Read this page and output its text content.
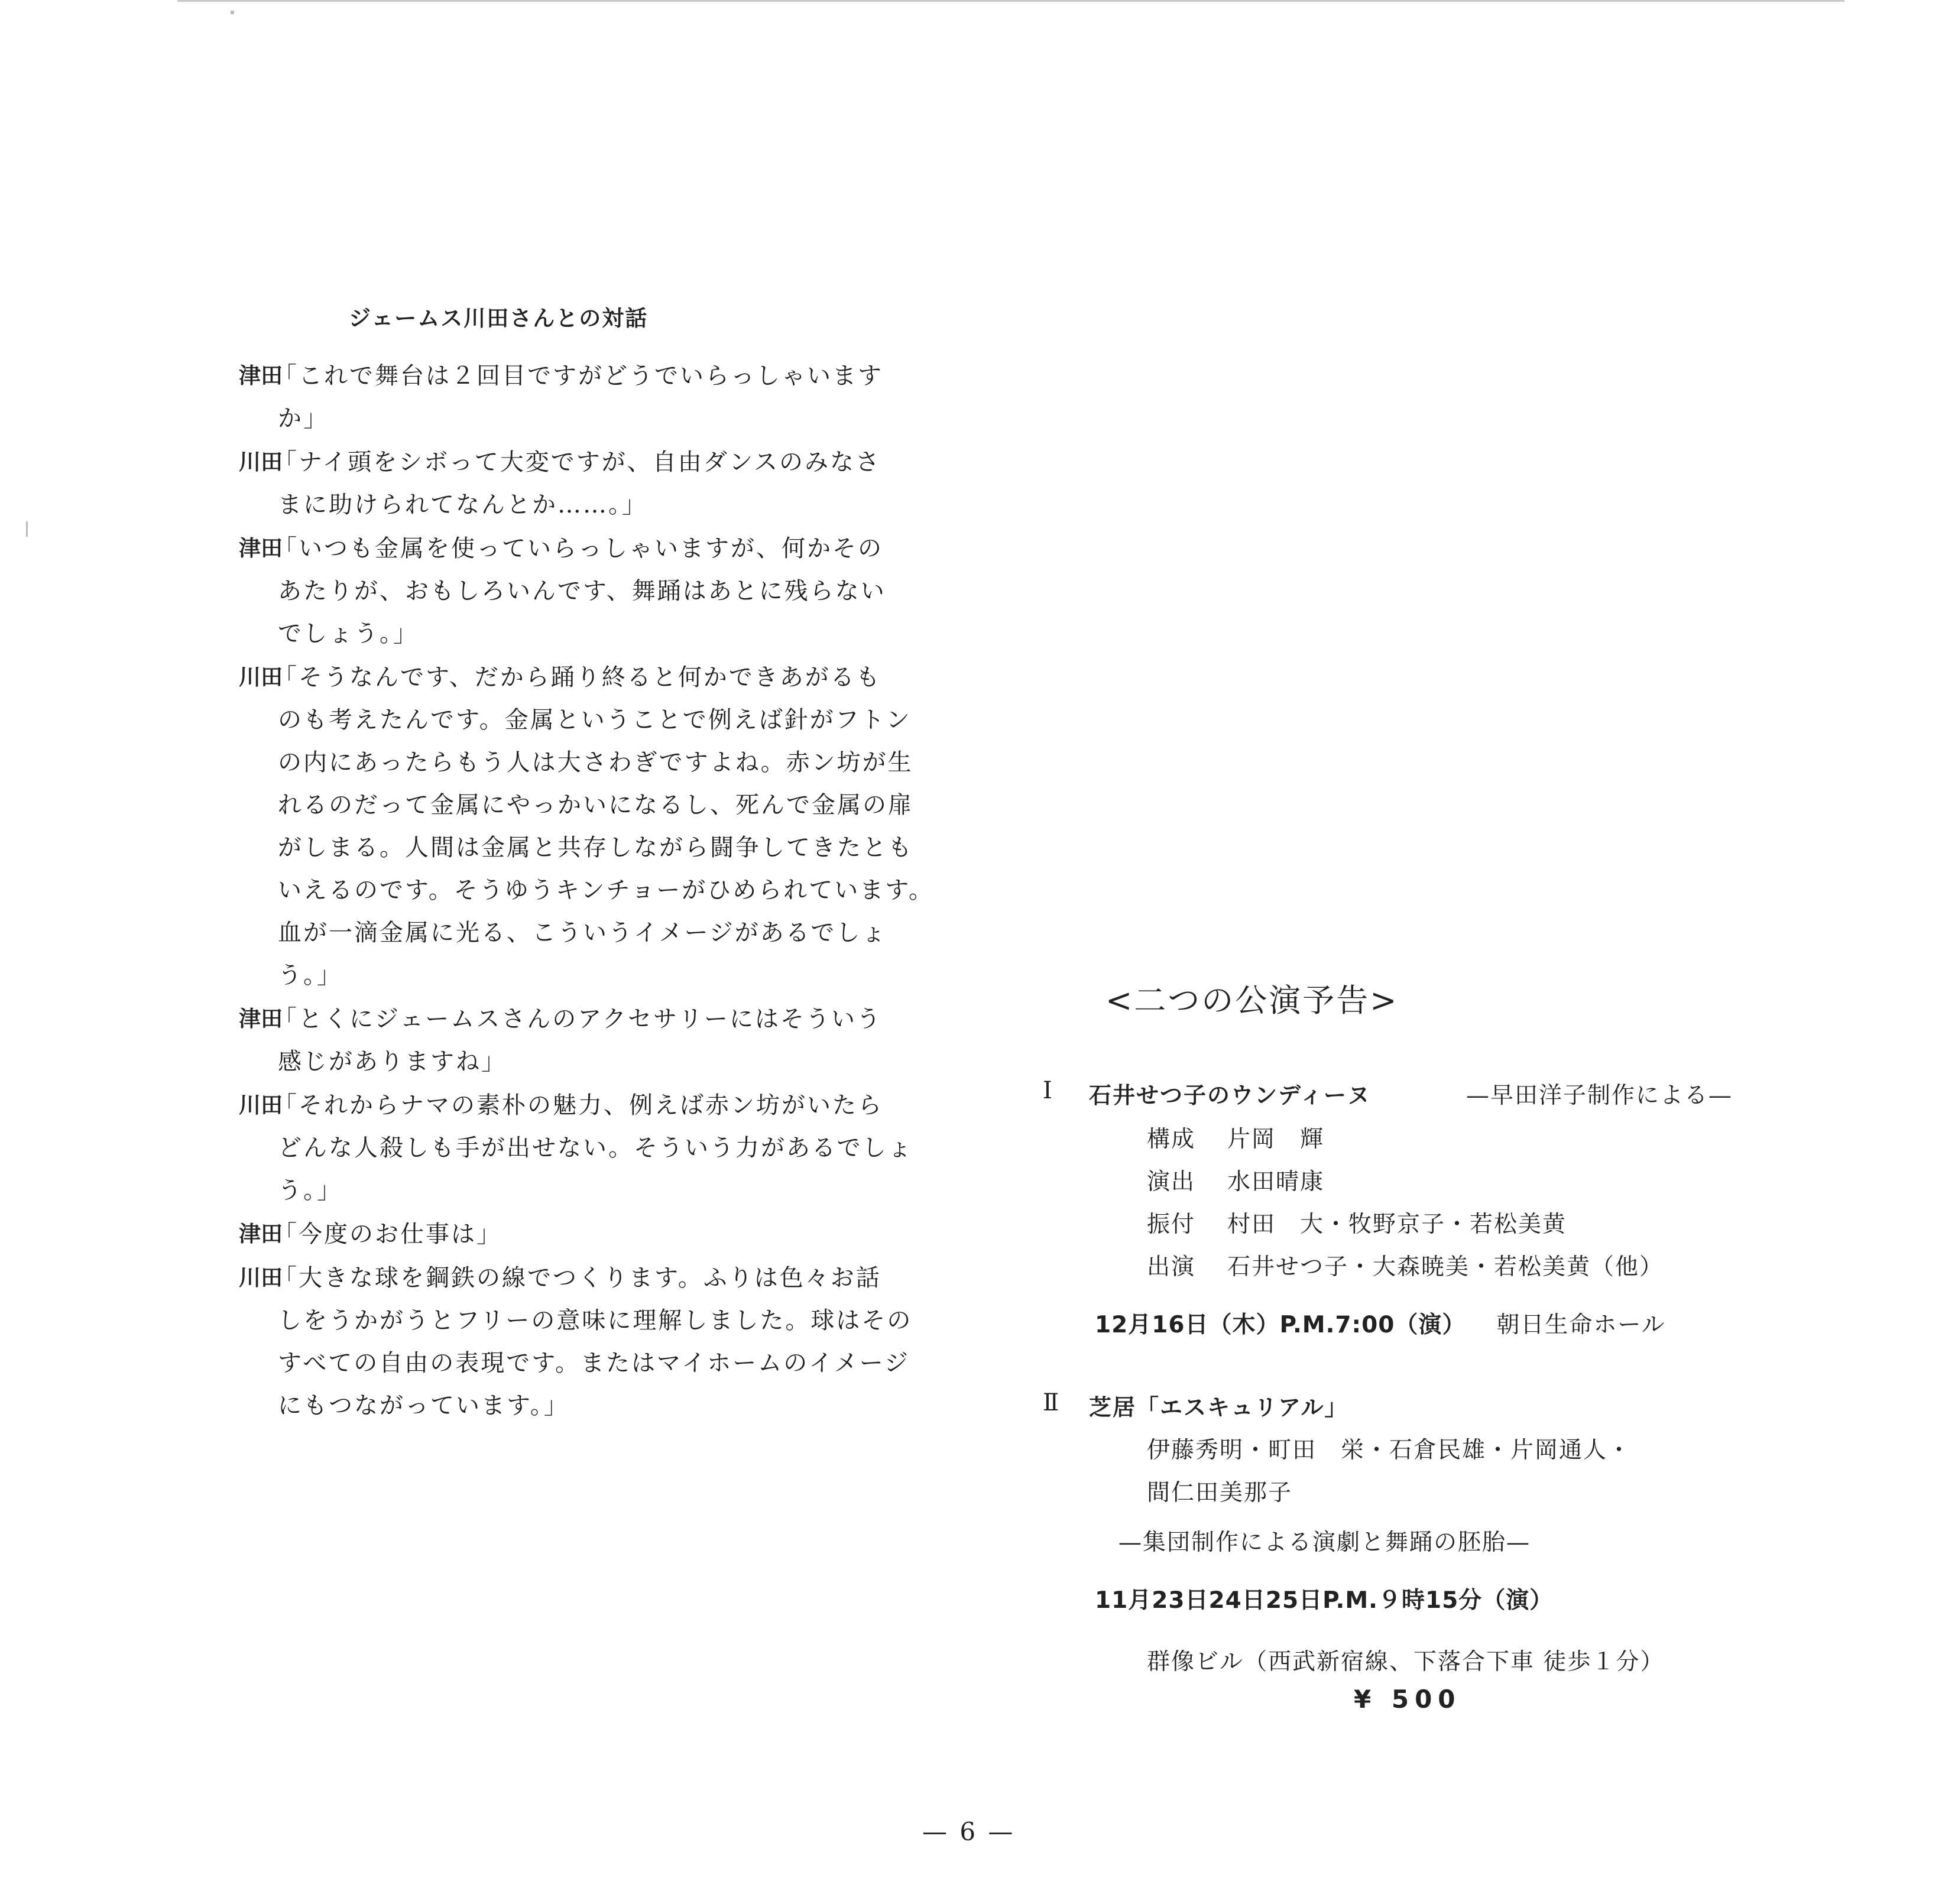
ジェームス川田さんとの対話
津田
「これで舞台は２回目ですがどうでいらっしゃいます
か」
川田
「ナイ頭をシボって大変ですが、自由ダンスのみなさ
まに助けられてなんとか……。」
津田
「いつも金属を使っていらっしゃいますが、何かその
あたりが、おもしろいんです、舞踊はあとに残らない
でしょう。」
川田
「そうなんです、だから踊り終ると何かできあがるも
のも考えたんです。金属ということで例えば針がフトン
の内にあったらもう人は大さわぎですよね。赤ン坊が生
れるのだって金属にやっかいになるし、死んで金属の扉
がしまる。人間は金属と共存しながら闘争してきたとも
いえるのです。そうゆうキンチョーがひめられています。
血が一滴金属に光る、こういうイメージがあるでしょ
う。」
津田
「とくにジェームスさんのアクセサリーにはそういう
感じがありますね」
川田
「それからナマの素朴の魅力、例えば赤ン坊がいたら
どんな人殺しも手が出せない。そういう力があるでしょ
う。」
津田
「今度のお仕事は」
川田
「大きな球を鋼鉄の線でつくります。ふりは色々お話
しをうかがうとフリーの意味に理解しました。球はその
すべての自由の表現です。またはマイホームのイメージ
にもつながっています。」
<二つの公演予告>
Ⅰ 石井せつ子のウンディーヌ	—早田洋子制作による—
構成	片岡　輝
演出	水田晴康
振付	村田　大・牧野京子・若松美黄
出演	石井せつ子・大森暁美・若松美黄（他）
12月16日（木）P.M.7:00（演） 朝日生命ホール
Ⅱ 芝居「エスキュリアル」
伊藤秀明・町田　栄・石倉民雄・片岡通人・
間仁田美那子
—集団制作による演劇と舞踊の胚胎—
11月23日24日25日P.M.９時15分（演）
群像ビル（西武新宿線、下落合下車 徒歩１分）
¥ 500
— 6 —
